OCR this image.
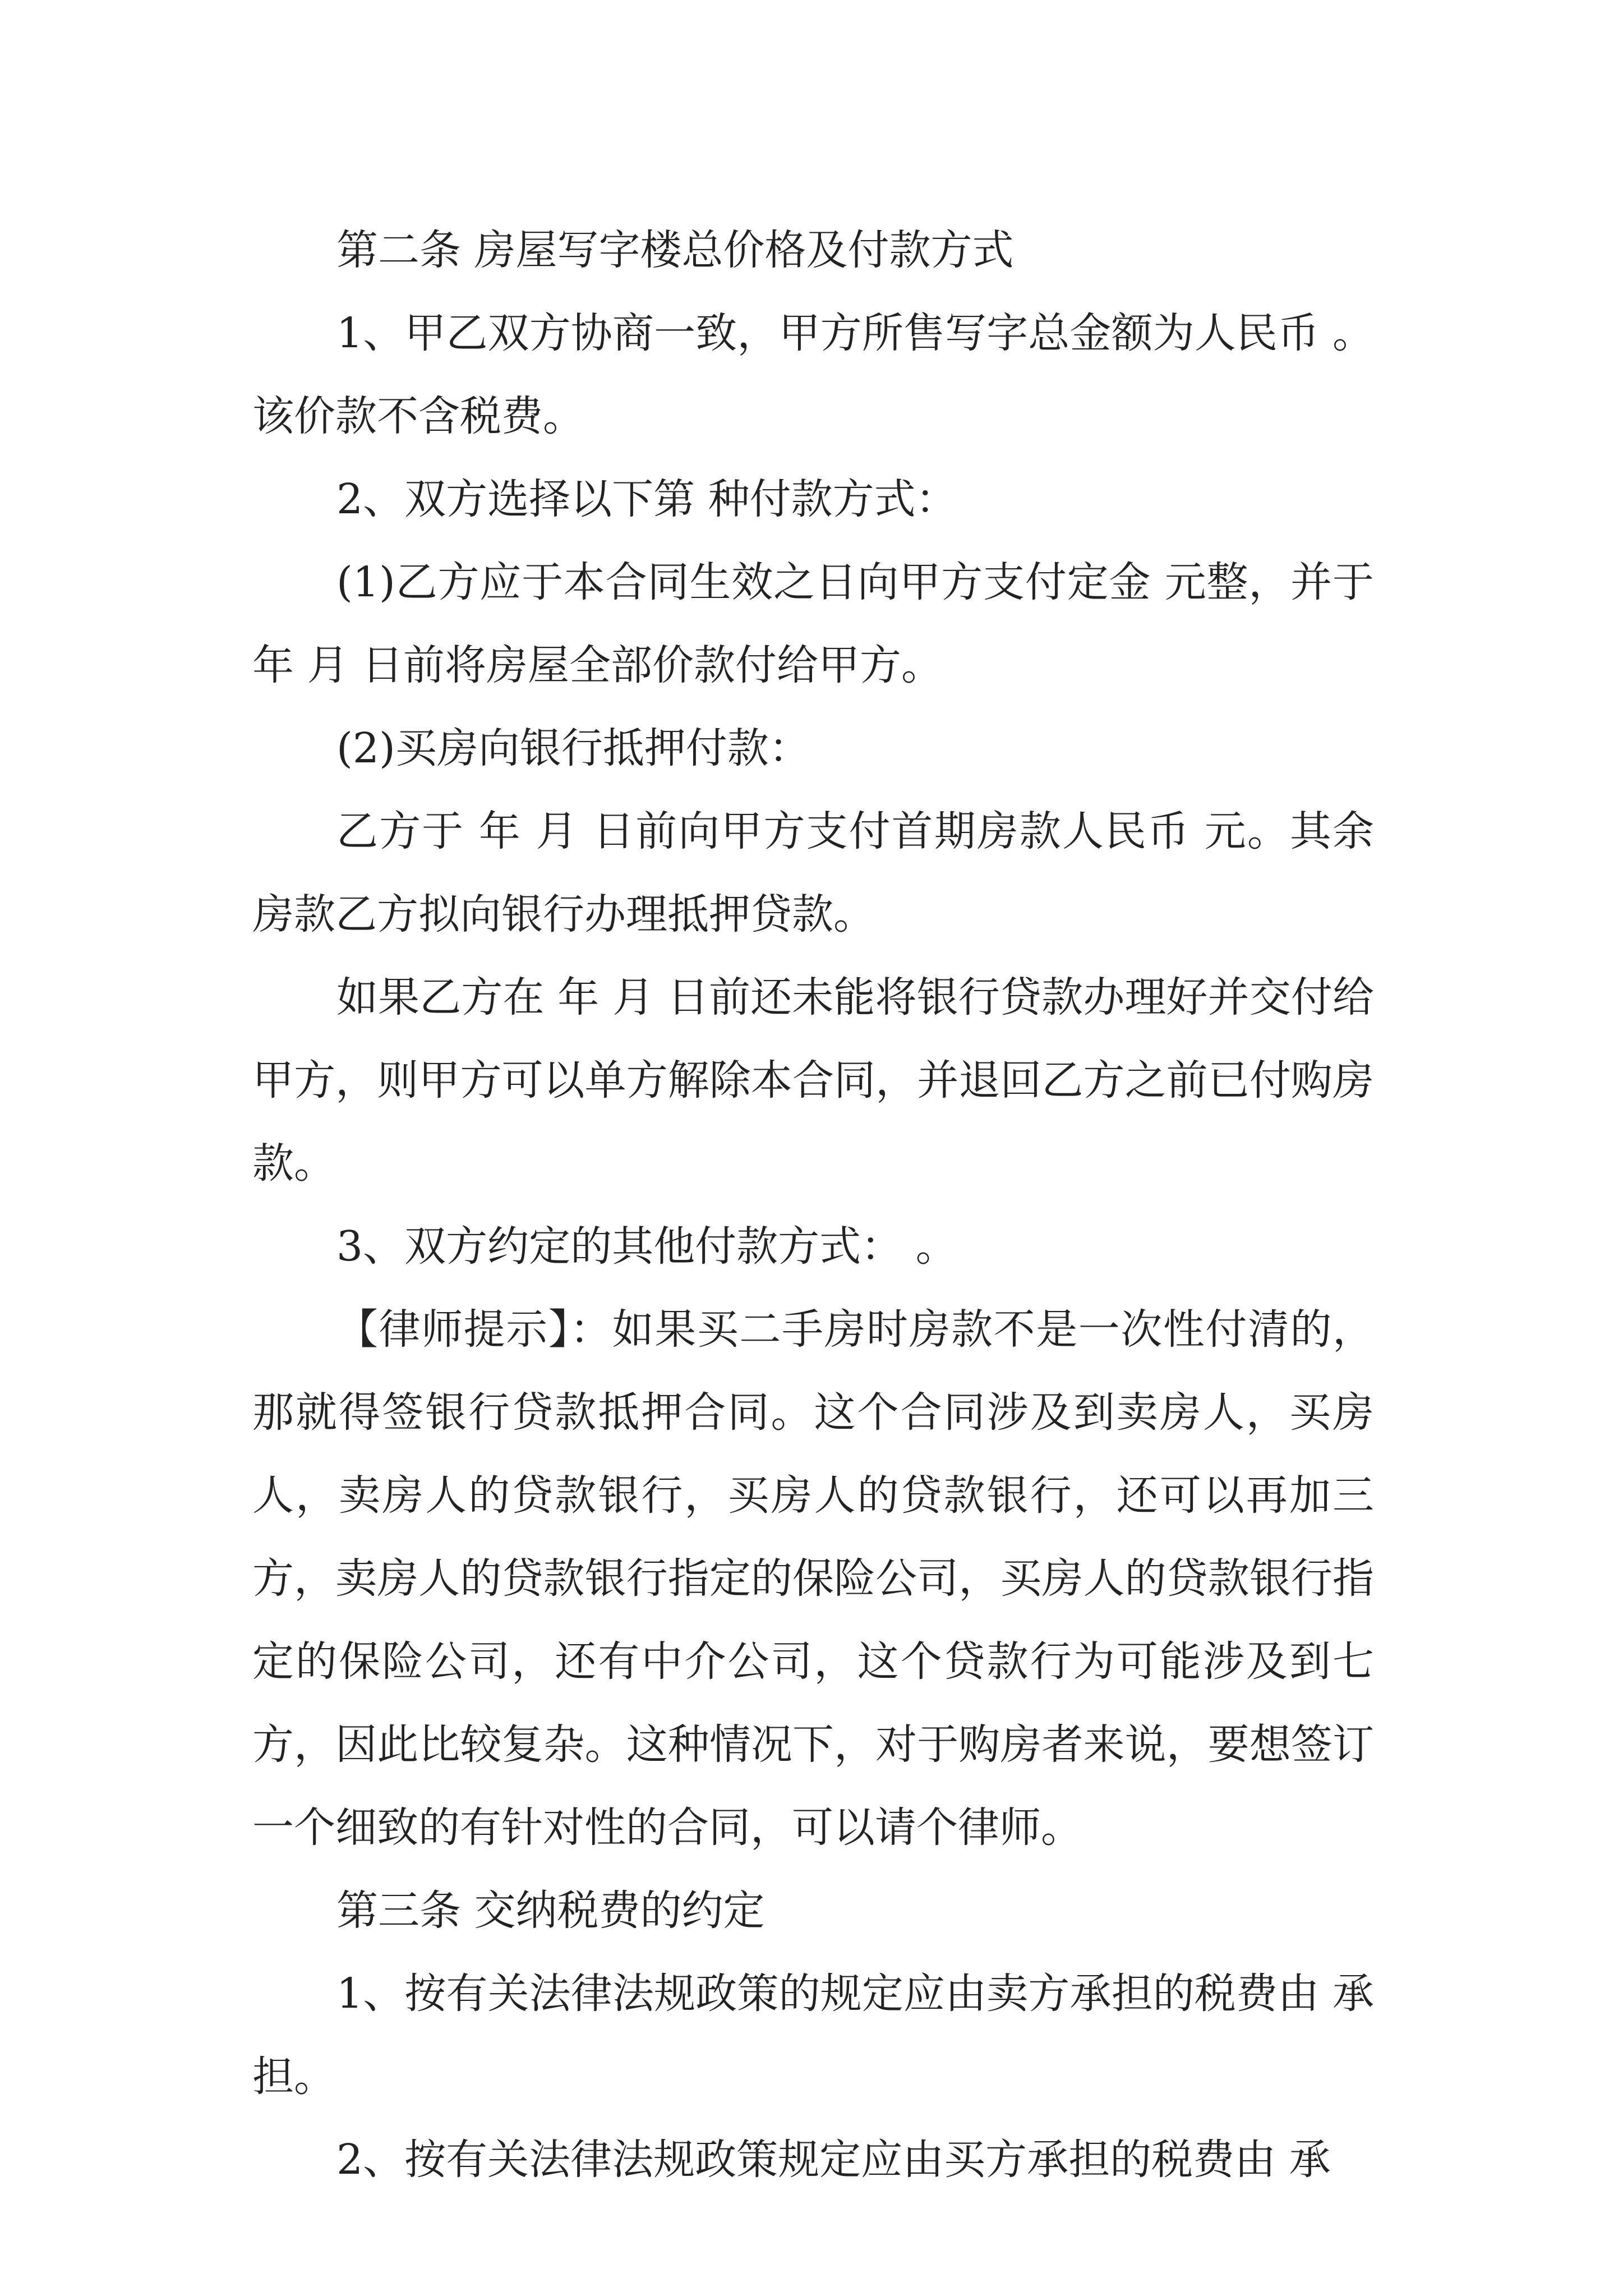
第二条 房屋写字楼总价格及付款方式

1、甲乙双方协商一致，甲方所售写字总金额为人民币 。该价款不含税费。

2、双方选择以下第 种付款方式：

(1)乙方应于本合同生效之日向甲方支付定金 元整，并于 年 月 日前将房屋全部价款付给甲方。

(2)买房向银行抵押付款：

乙方于 年 月 日前向甲方支付首期房款人民币 元。其余房款乙方拟向银行办理抵押贷款。

如果乙方在 年 月 日前还未能将银行贷款办理好并交付给甲方，则甲方可以单方解除本合同，并退回乙方之前已付购房款。

3、双方约定的其他付款方式： 。

【律师提示】：如果买二手房时房款不是一次性付清的，那就得签银行贷款抵押合同。这个合同涉及到卖房人，买房人，卖房人的贷款银行，买房人的贷款银行，还可以再加三方，卖房人的贷款银行指定的保险公司，买房人的贷款银行指定的保险公司，还有中介公司，这个贷款行为可能涉及到七方，因此比较复杂。这种情况下，对于购房者来说，要想签订一个细致的有针对性的合同，可以请个律师。

第三条 交纳税费的约定

1、按有关法律法规政策的规定应由卖方承担的税费由 承担。

2、按有关法律法规政策规定应由买方承担的税费由 承
